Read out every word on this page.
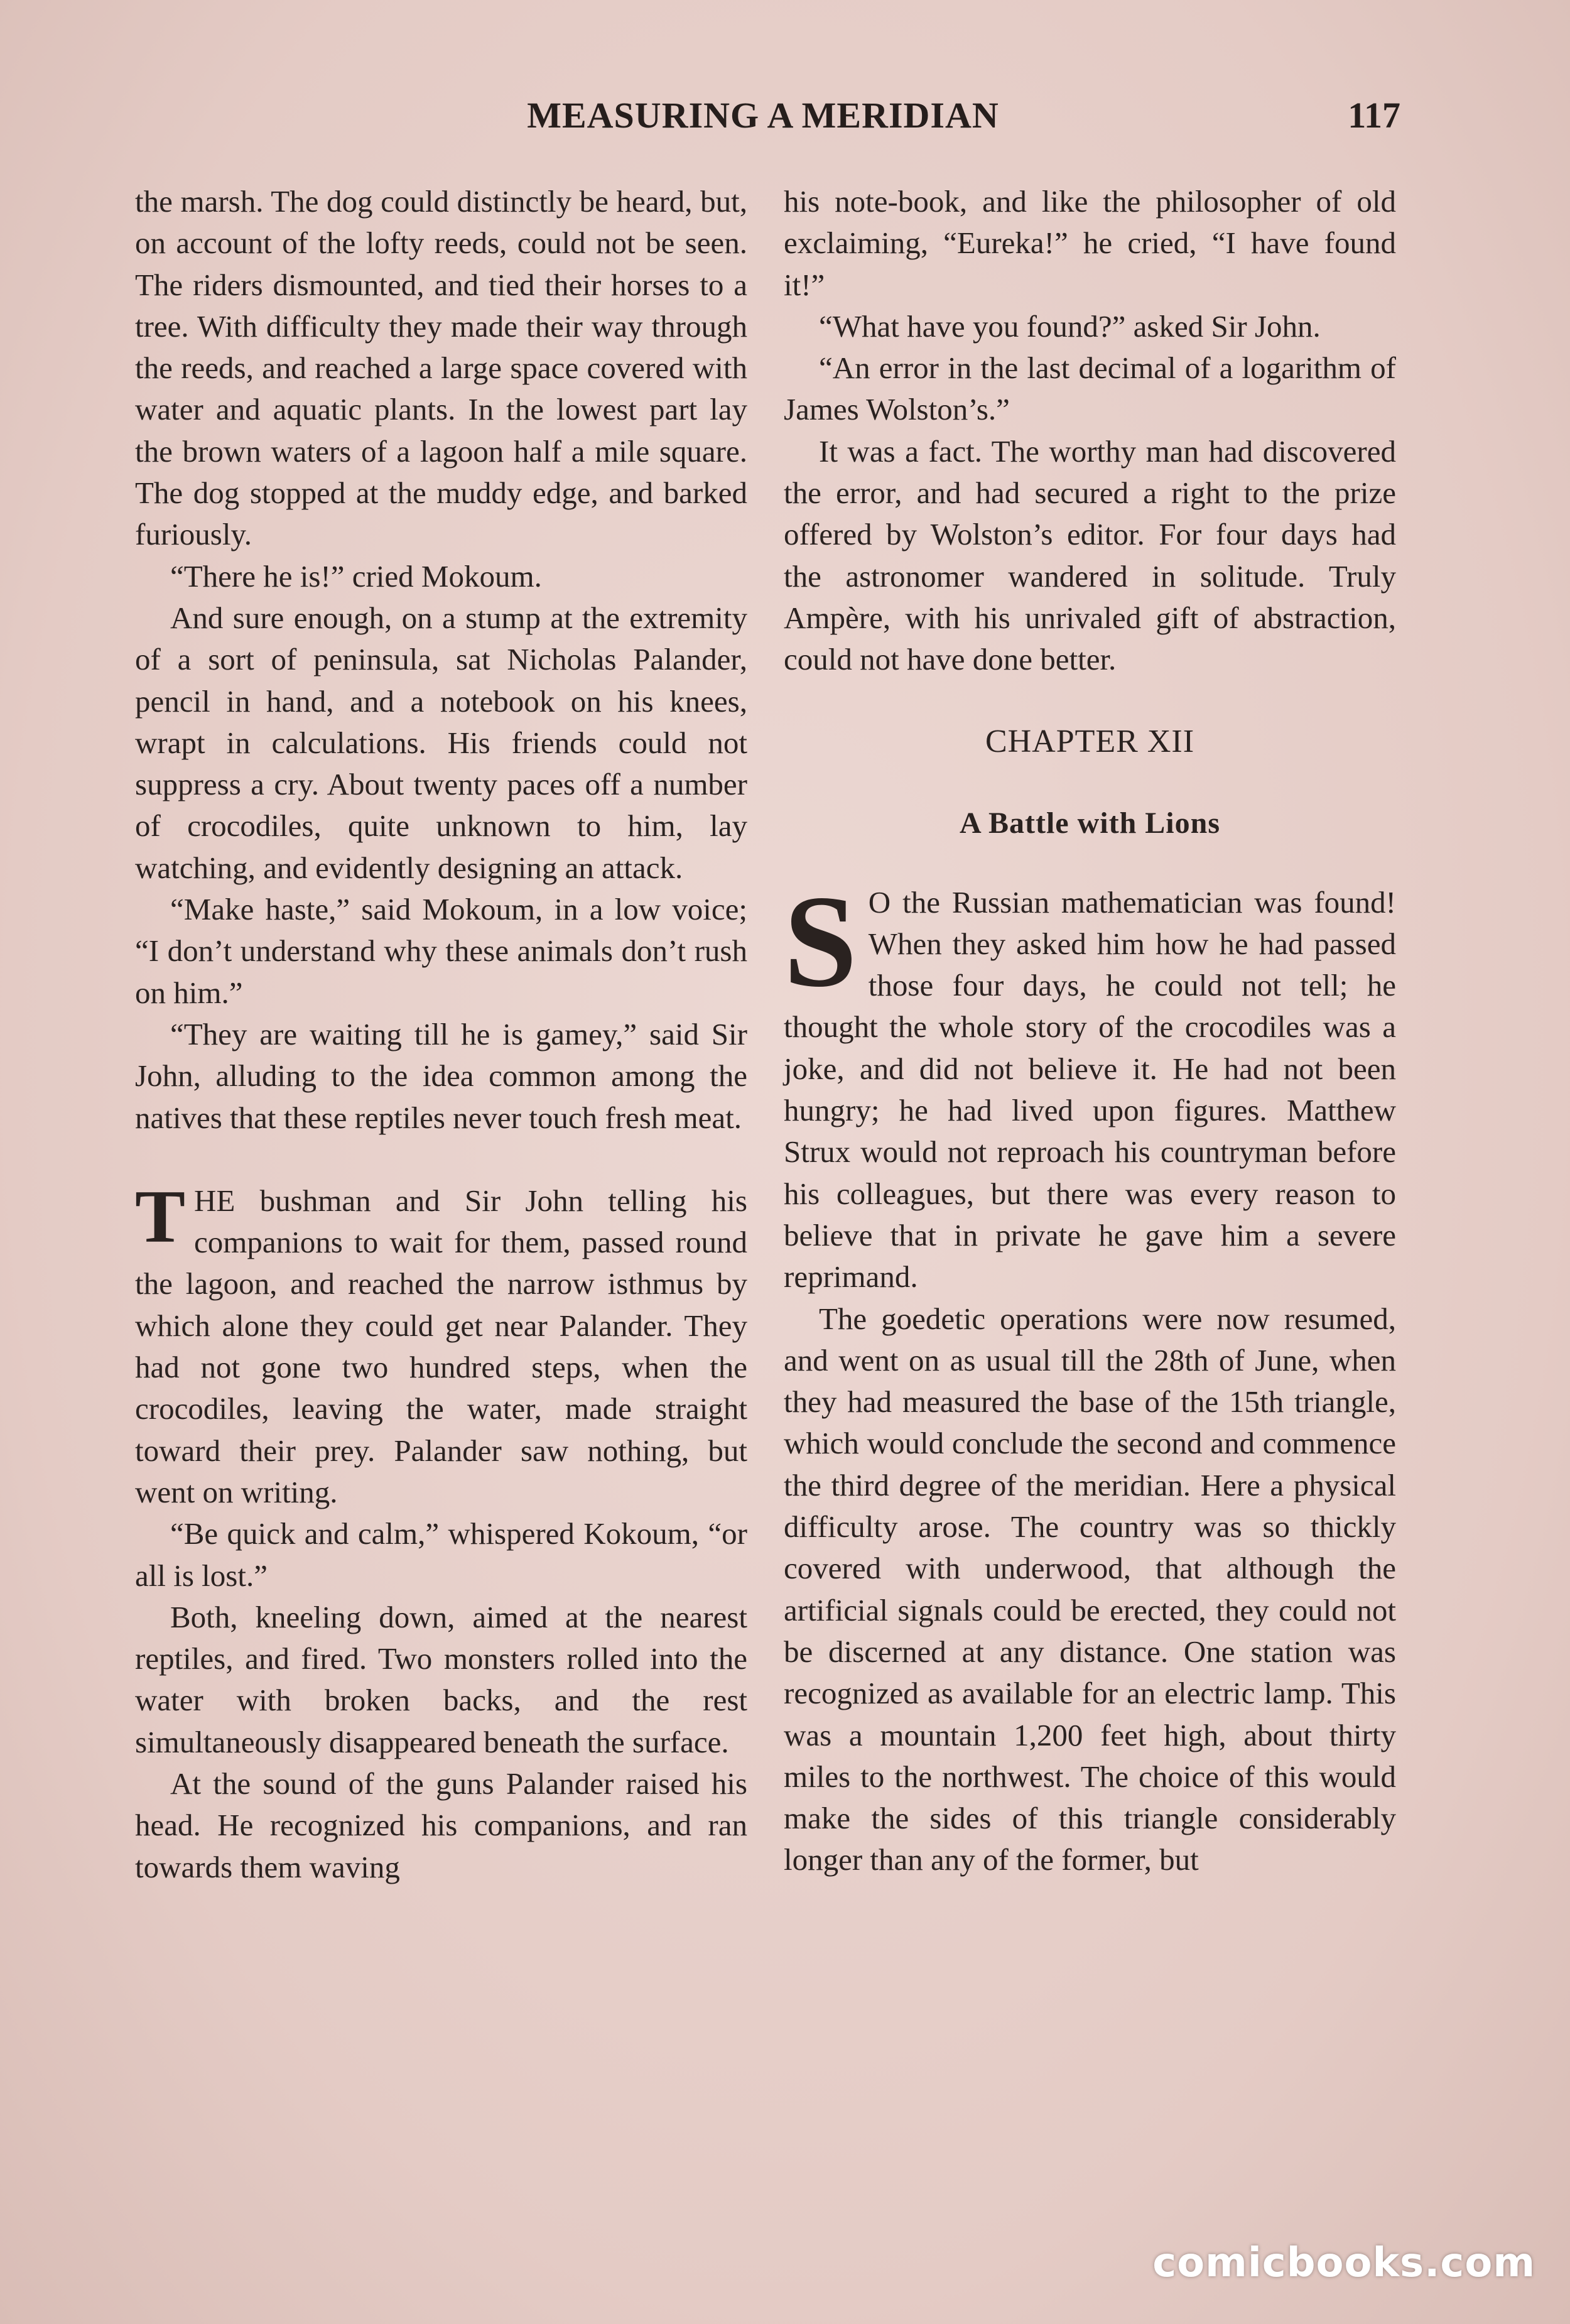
MEASURING A MERIDIAN	117

the marsh. The dog could distinctly be heard, but, on account of the lofty reeds, could not be seen. The riders dismounted, and tied their horses to a tree. With difficulty they made their way through the reeds, and reached a large space covered with water and aquatic plants. In the lowest part lay the brown waters of a lagoon half a mile square. The dog stopped at the muddy edge, and barked furiously.

“There he is!” cried Mokoum.

And sure enough, on a stump at the extremity of a sort of peninsula, sat Nicholas Palander, pencil in hand, and a notebook on his knees, wrapt in calculations. His friends could not suppress a cry. About twenty paces off a number of crocodiles, quite unknown to him, lay watching, and evidently designing an attack.

“Make haste,” said Mokoum, in a low voice; “I don’t understand why these animals don’t rush on him.”

“They are waiting till he is gamey,” said Sir John, alluding to the idea common among the natives that these reptiles never touch fresh meat.

THE bushman and Sir John telling his companions to wait for them, passed round the lagoon, and reached the narrow isthmus by which alone they could get near Palander. They had not gone two hundred steps, when the crocodiles, leaving the water, made straight toward their prey. Palander saw nothing, but went on writing.

“Be quick and calm,” whispered Kokoum, “or all is lost.”

Both, kneeling down, aimed at the nearest reptiles, and fired. Two monsters rolled into the water with broken backs, and the rest simultaneously disappeared beneath the surface.

At the sound of the guns Palander raised his head. He recognized his companions, and ran towards them waving

his note-book, and like the philosopher of old exclaiming, “Eureka!” he cried, “I have found it!”

“What have you found?” asked Sir John.

“An error in the last decimal of a logarithm of James Wolston’s.”

It was a fact. The worthy man had discovered the error, and had secured a right to the prize offered by Wolston’s editor. For four days had the astronomer wandered in solitude. Truly Ampère, with his unrivaled gift of abstraction, could not have done better.

CHAPTER XII
A Battle with Lions

S O the Russian mathematician was found! When they asked him how he had passed those four days, he could not tell; he thought the whole story of the crocodiles was a joke, and did not believe it. He had not been hungry; he had lived upon figures. Matthew Strux would not reproach his countryman before his colleagues, but there was every reason to believe that in private he gave him a severe reprimand.

The goedetic operations were now resumed, and went on as usual till the 28th of June, when they had measured the base of the 15th triangle, which would conclude the second and commence the third degree of the meridian. Here a physical difficulty arose. The country was so thickly covered with underwood, that although the artificial signals could be erected, they could not be discerned at any distance. One station was recognized as available for an electric lamp. This was a mountain 1,200 feet high, about thirty miles to the northwest. The choice of this would make the sides of this triangle considerably longer than any of the former, but

comicbooks.com
